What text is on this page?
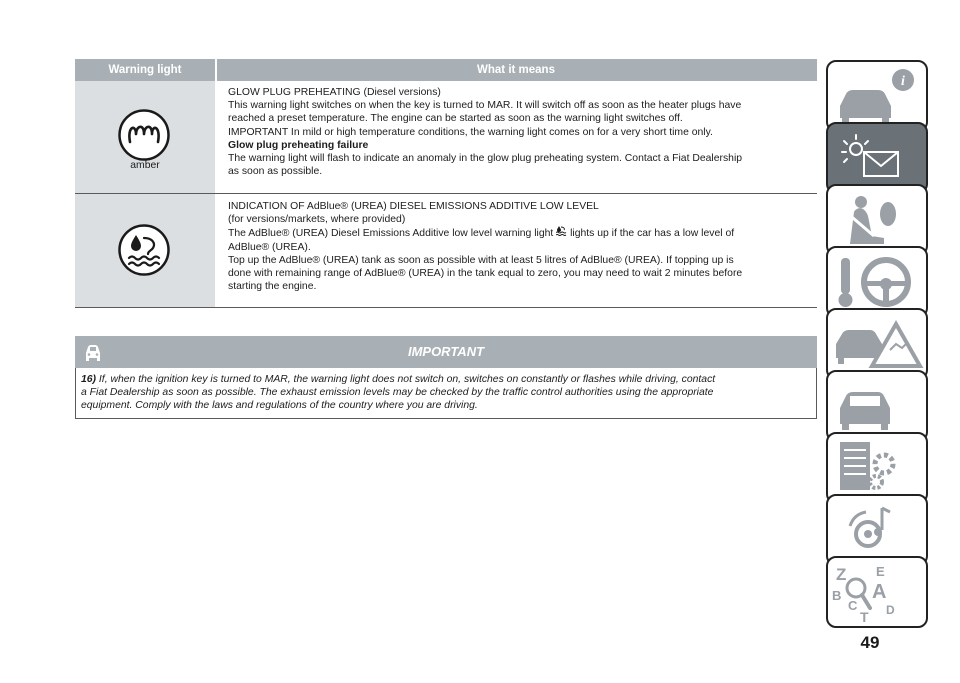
Warning light	What it means
amber

GLOW PLUG PREHEATING (Diesel versions)

This warning light switches on when the key is turned to MAR. It will switch off as soon as the heater plugs have

reached a preset temperature. The engine can be started as soon as the warning light switches off.

IMPORTANT In mild or high temperature conditions, the warning light comes on for a very short time only.

Glow plug preheating failure

The warning light will flash to indicate an anomaly in the glow plug preheating system. Contact a Fiat Dealership

as soon as possible.

INDICATION OF AdBlue® (UREA) DIESEL EMISSIONS ADDITIVE LOW LEVEL

(for versions/markets, where provided)

The AdBlue® (UREA) Diesel Emissions Additive low level warning light lights up if the car has a low level of

AdBlue® (UREA).

Top up the AdBlue® (UREA) tank as soon as possible with at least 5 litres of AdBlue® (UREA). If topping up is

done with remaining range of AdBlue® (UREA) in the tank equal to zero, you may need to wait 2 minutes before

starting the engine.

IMPORTANT
16) If, when the ignition key is turned to MAR, the warning light does not switch on, switches on constantly or flashes while driving, contact
a Fiat Dealership as soon as possible. The exhaust emission levels may be checked by the traffic control authorities using the appropriate
equipment. Comply with the laws and regulations of the country where you are driving.
i
Z E
A
B
C
T D
49
